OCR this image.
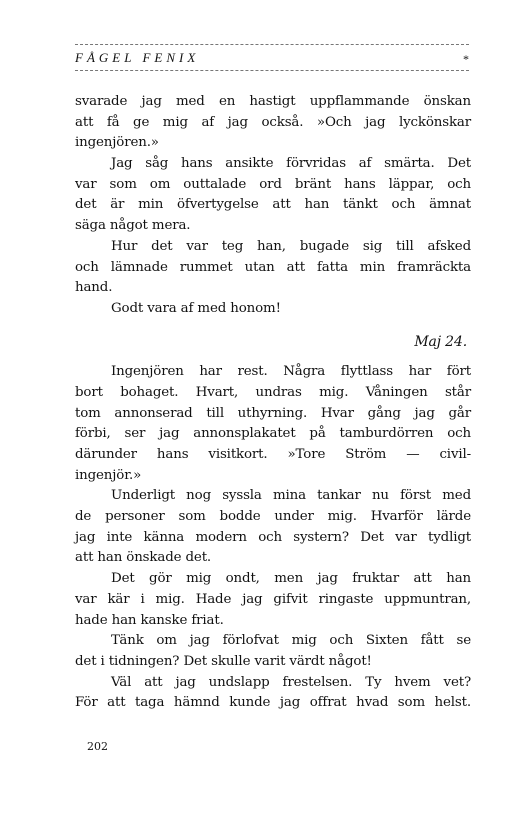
FÅGEL FENIX	*
svarade jag med en hastigt uppflammande önskan
att få ge mig af jag också. »Och jag lyckönskar
ingenjören.»
Jag såg hans ansikte förvridas af smärta. Det
var som om outtalade ord bränt hans läppar, och
det är min öfvertygelse att han tänkt och ämnat
säga något mera.
Hur det var teg han, bugade sig till afsked
och lämnade rummet utan att fatta min framräckta
hand.
Godt vara af med honom!
Maj 24.
Ingenjören har rest. Några flyttlass har fört
bort bohaget. Hvart, undras mig. Våningen står
tom annonserad till uthyrning. Hvar gång jag går
förbi, ser jag annonsplakatet på tamburdörren och
därunder hans visitkort. »Tore Ström — civil-
ingenjör.»
Underligt nog syssla mina tankar nu först med
de personer som bodde under mig. Hvarför lärde
jag inte känna modern och systern? Det var tydligt
att han önskade det.
Det gör mig ondt, men jag fruktar att han
var kär i mig. Hade jag gifvit ringaste uppmuntran,
hade han kanske friat.
Tänk om jag förlofvat mig och Sixten fått se
det i tidningen? Det skulle varit värdt något!
Väl att jag undslapp frestelsen. Ty hvem vet?
För att taga hämnd kunde jag offrat hvad som helst.
202
